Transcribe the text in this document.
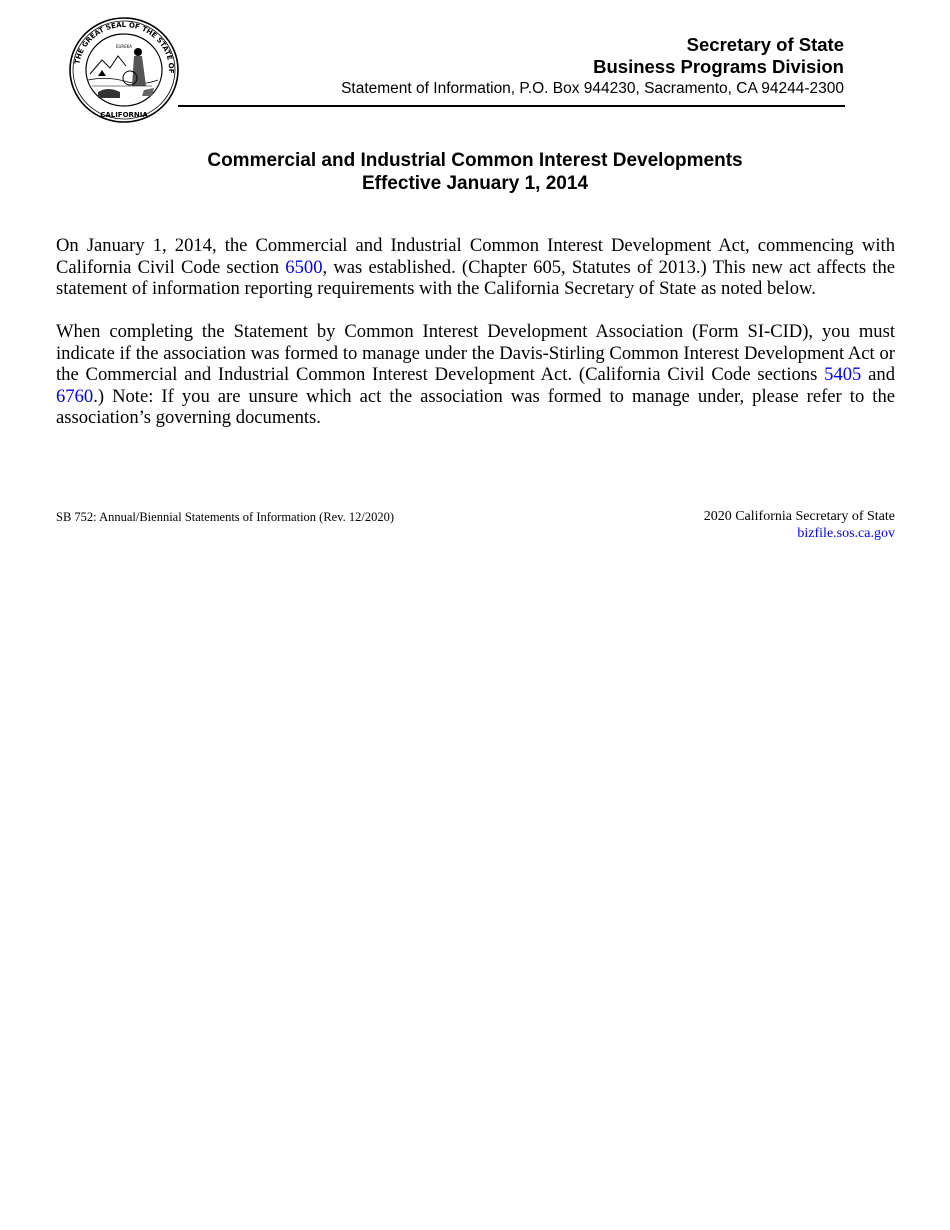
THE GREAT SEAL OF THE STATE OF
CALIFORNIA
EUREKA	Secretary of State
Business Programs Division
Statement of Information, P.O. Box 944230, Sacramento, CA 94244-2300
Commercial and Industrial Common Interest Developments
Effective January 1, 2014

On January 1, 2014, the Commercial and Industrial Common Interest Development Act, commencing with California Civil Code section 6500, was established. (Chapter 605, Statutes of 2013.) This new act affects the statement of information reporting requirements with the California Secretary of State as noted below.

When completing the Statement by Common Interest Development Association (Form SI-CID), you must indicate if the association was formed to manage under the Davis-Stirling Common Interest Development Act or the Commercial and Industrial Common Interest Development Act. (California Civil Code sections 5405 and 6760.) Note: If you are unsure which act the association was formed to manage under, please refer to the association’s governing documents.

SB 752: Annual/Biennial Statements of Information (Rev. 12/2020)	2020 California Secretary of State
bizfile.sos.ca.gov
